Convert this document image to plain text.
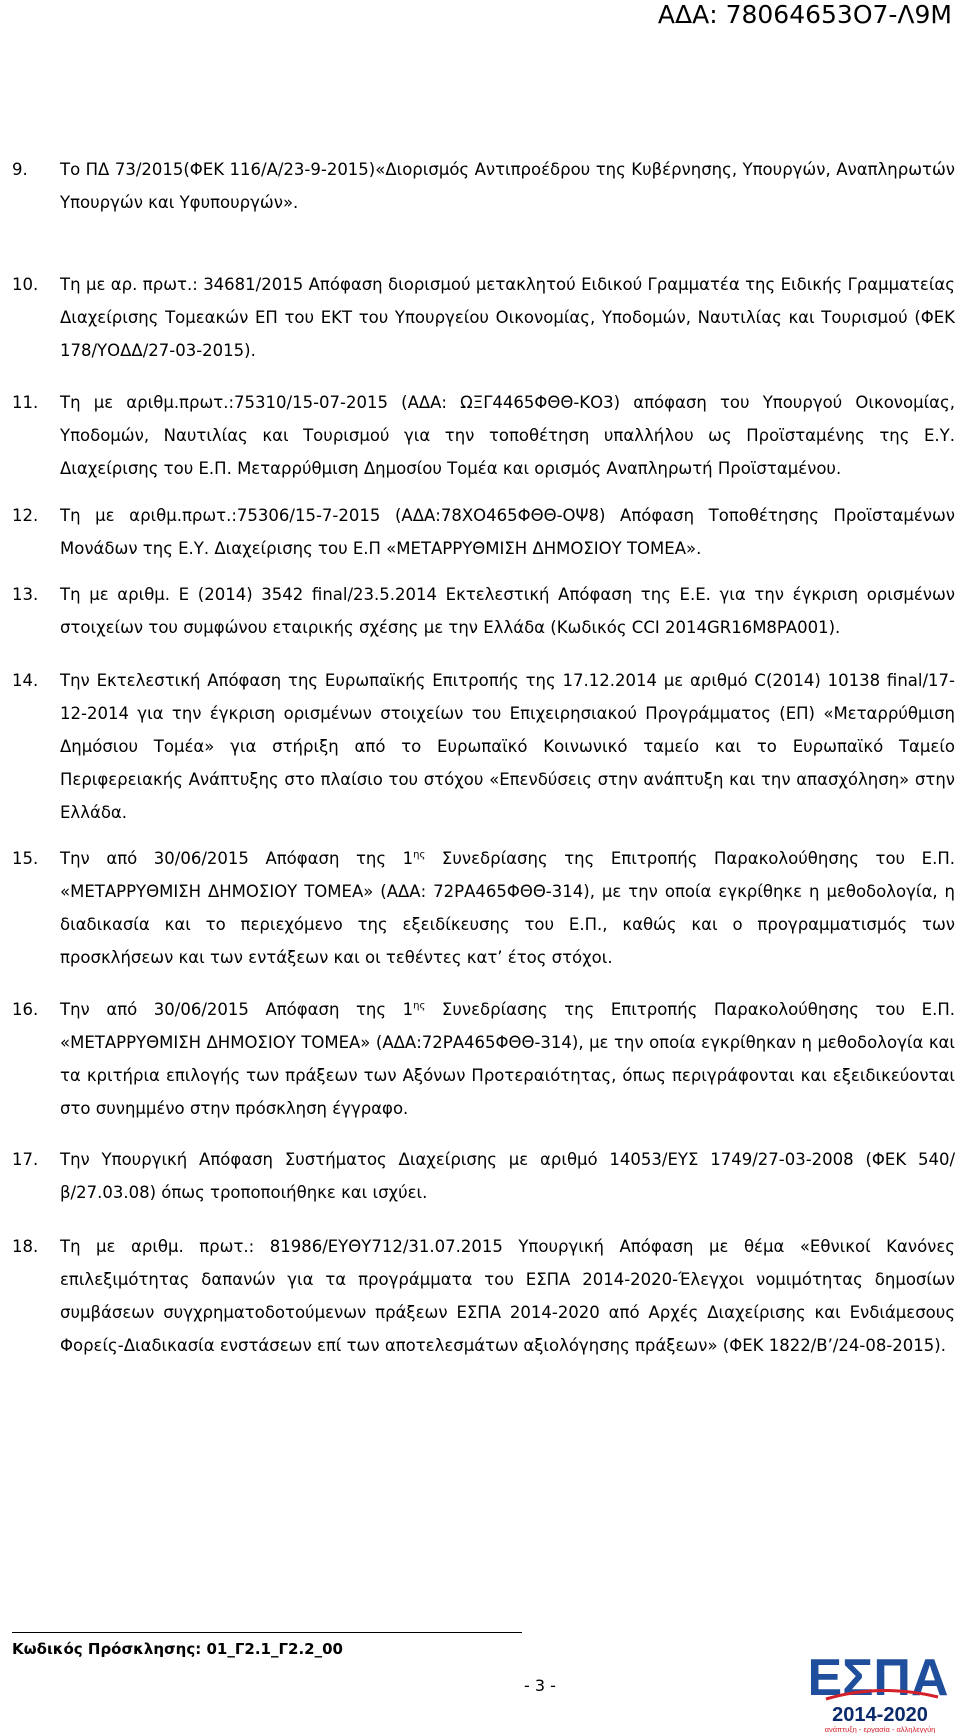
ΑΔΑ: 78064653Ο7-Λ9Μ
9.	Το ΠΔ 73/2015(ΦΕΚ 116/Α/23-9-2015)«Διορισμός Αντιπροέδρου της Κυβέρνησης, Υπουργών, Αναπληρωτών Υπουργών και Υφυπουργών».
10.	Τη με αρ. πρωτ.: 34681/2015 Απόφαση διορισμού μετακλητού Ειδικού Γραμματέα της Ειδικής Γραμματείας Διαχείρισης Τομεακών ΕΠ του ΕΚΤ του Υπουργείου Οικονομίας, Υποδομών, Ναυτιλίας και Τουρισμού (ΦΕΚ 178/ΥΟΔΔ/27-03-2015).
11.	Τη με αριθμ.πρωτ.:75310/15-07-2015 (ΑΔΑ: ΩΞΓ4465ΦΘΘ-ΚΟ3) απόφαση του Υπουργού Οικονομίας, Υποδομών, Ναυτιλίας και Τουρισμού για την τοποθέτηση υπαλλήλου ως Προϊσταμένης της Ε.Υ. Διαχείρισης του Ε.Π. Μεταρρύθμιση Δημοσίου Τομέα και ορισμός Αναπληρωτή Προϊσταμένου.
12.	Τη με αριθμ.πρωτ.:75306/15-7-2015 (ΑΔΑ:78ΧΟ465ΦΘΘ-ΟΨ8) Απόφαση Τοποθέτησης Προϊσταμένων Μονάδων της Ε.Υ. Διαχείρισης του Ε.Π «ΜΕΤΑΡΡΥΘΜΙΣΗ ΔΗΜΟΣΙΟΥ ΤΟΜΕΑ».
13.	Τη με αριθμ. Ε (2014) 3542 final/23.5.2014 Εκτελεστική Απόφαση της Ε.Ε. για την έγκριση ορισμένων στοιχείων του συμφώνου εταιρικής σχέσης με την Ελλάδα (Κωδικός CCI 2014GR16M8PA001).
14.	Την Εκτελεστική Απόφαση της Ευρωπαϊκής Επιτροπής της 17.12.2014 με αριθμό C(2014) 10138 final/17-12-2014 για την έγκριση ορισμένων στοιχείων του Επιχειρησιακού Προγράμματος (ΕΠ) «Μεταρρύθμιση Δημόσιου Τομέα» για στήριξη από το Ευρωπαϊκό Κοινωνικό ταμείο και το Ευρωπαϊκό Ταμείο Περιφερειακής Ανάπτυξης στο πλαίσιο του στόχου «Επενδύσεις στην ανάπτυξη και την απασχόληση» στην Ελλάδα.
15.	Την από 30/06/2015 Απόφαση της $1^{\eta\varsigma}$ Συνεδρίασης της Επιτροπής Παρακολούθησης του Ε.Π. «ΜΕΤΑΡΡΥΘΜΙΣΗ ΔΗΜΟΣΙΟΥ ΤΟΜΕΑ» (ΑΔΑ: 72ΡΑ465ΦΘΘ-314), με την οποία εγκρίθηκε η μεθοδολογία, η διαδικασία και το περιεχόμενο της εξειδίκευσης του Ε.Π., καθώς και ο προγραμματισμός των προσκλήσεων και των εντάξεων και οι τεθέντες κατ’ έτος στόχοι.
16.	Την από 30/06/2015 Απόφαση της $1^{\eta\varsigma}$ Συνεδρίασης της Επιτροπής Παρακολούθησης του Ε.Π. «ΜΕΤΑΡΡΥΘΜΙΣΗ ΔΗΜΟΣΙΟΥ ΤΟΜΕΑ» (ΑΔΑ:72ΡΑ465ΦΘΘ-314), με την οποία εγκρίθηκαν η μεθοδολογία και τα κριτήρια επιλογής των πράξεων των Αξόνων Προτεραιότητας, όπως περιγράφονται και εξειδικεύονται στο συνημμένο στην πρόσκληση έγγραφο.
17.	Την Υπουργική Απόφαση Συστήματος Διαχείρισης με αριθμό 14053/ΕΥΣ 1749/27-03-2008 (ΦΕΚ 540/β/27.03.08) όπως τροποποιήθηκε και ισχύει.
18.	Τη με αριθμ. πρωτ.: 81986/ΕΥΘΥ712/31.07.2015 Υπουργική Απόφαση με θέμα «Εθνικοί Κανόνες επιλεξιμότητας δαπανών για τα προγράμματα του ΕΣΠΑ 2014-2020-Έλεγχοι νομιμότητας δημοσίων συμβάσεων συγχρηματοδοτούμενων πράξεων ΕΣΠΑ 2014-2020 από Αρχές Διαχείρισης και Ενδιάμεσους Φορείς-Διαδικασία ενστάσεων επί των αποτελεσμάτων αξιολόγησης πράξεων» (ΦΕΚ 1822/Β’/24-08-2015).
Κωδικός Πρόσκλησης: 01_Γ2.1_Γ2.2_00
- 3 -	ΕΣΠΑ
2014-2020
ανάπτυξη - εργασία - αλληλεγγύη
